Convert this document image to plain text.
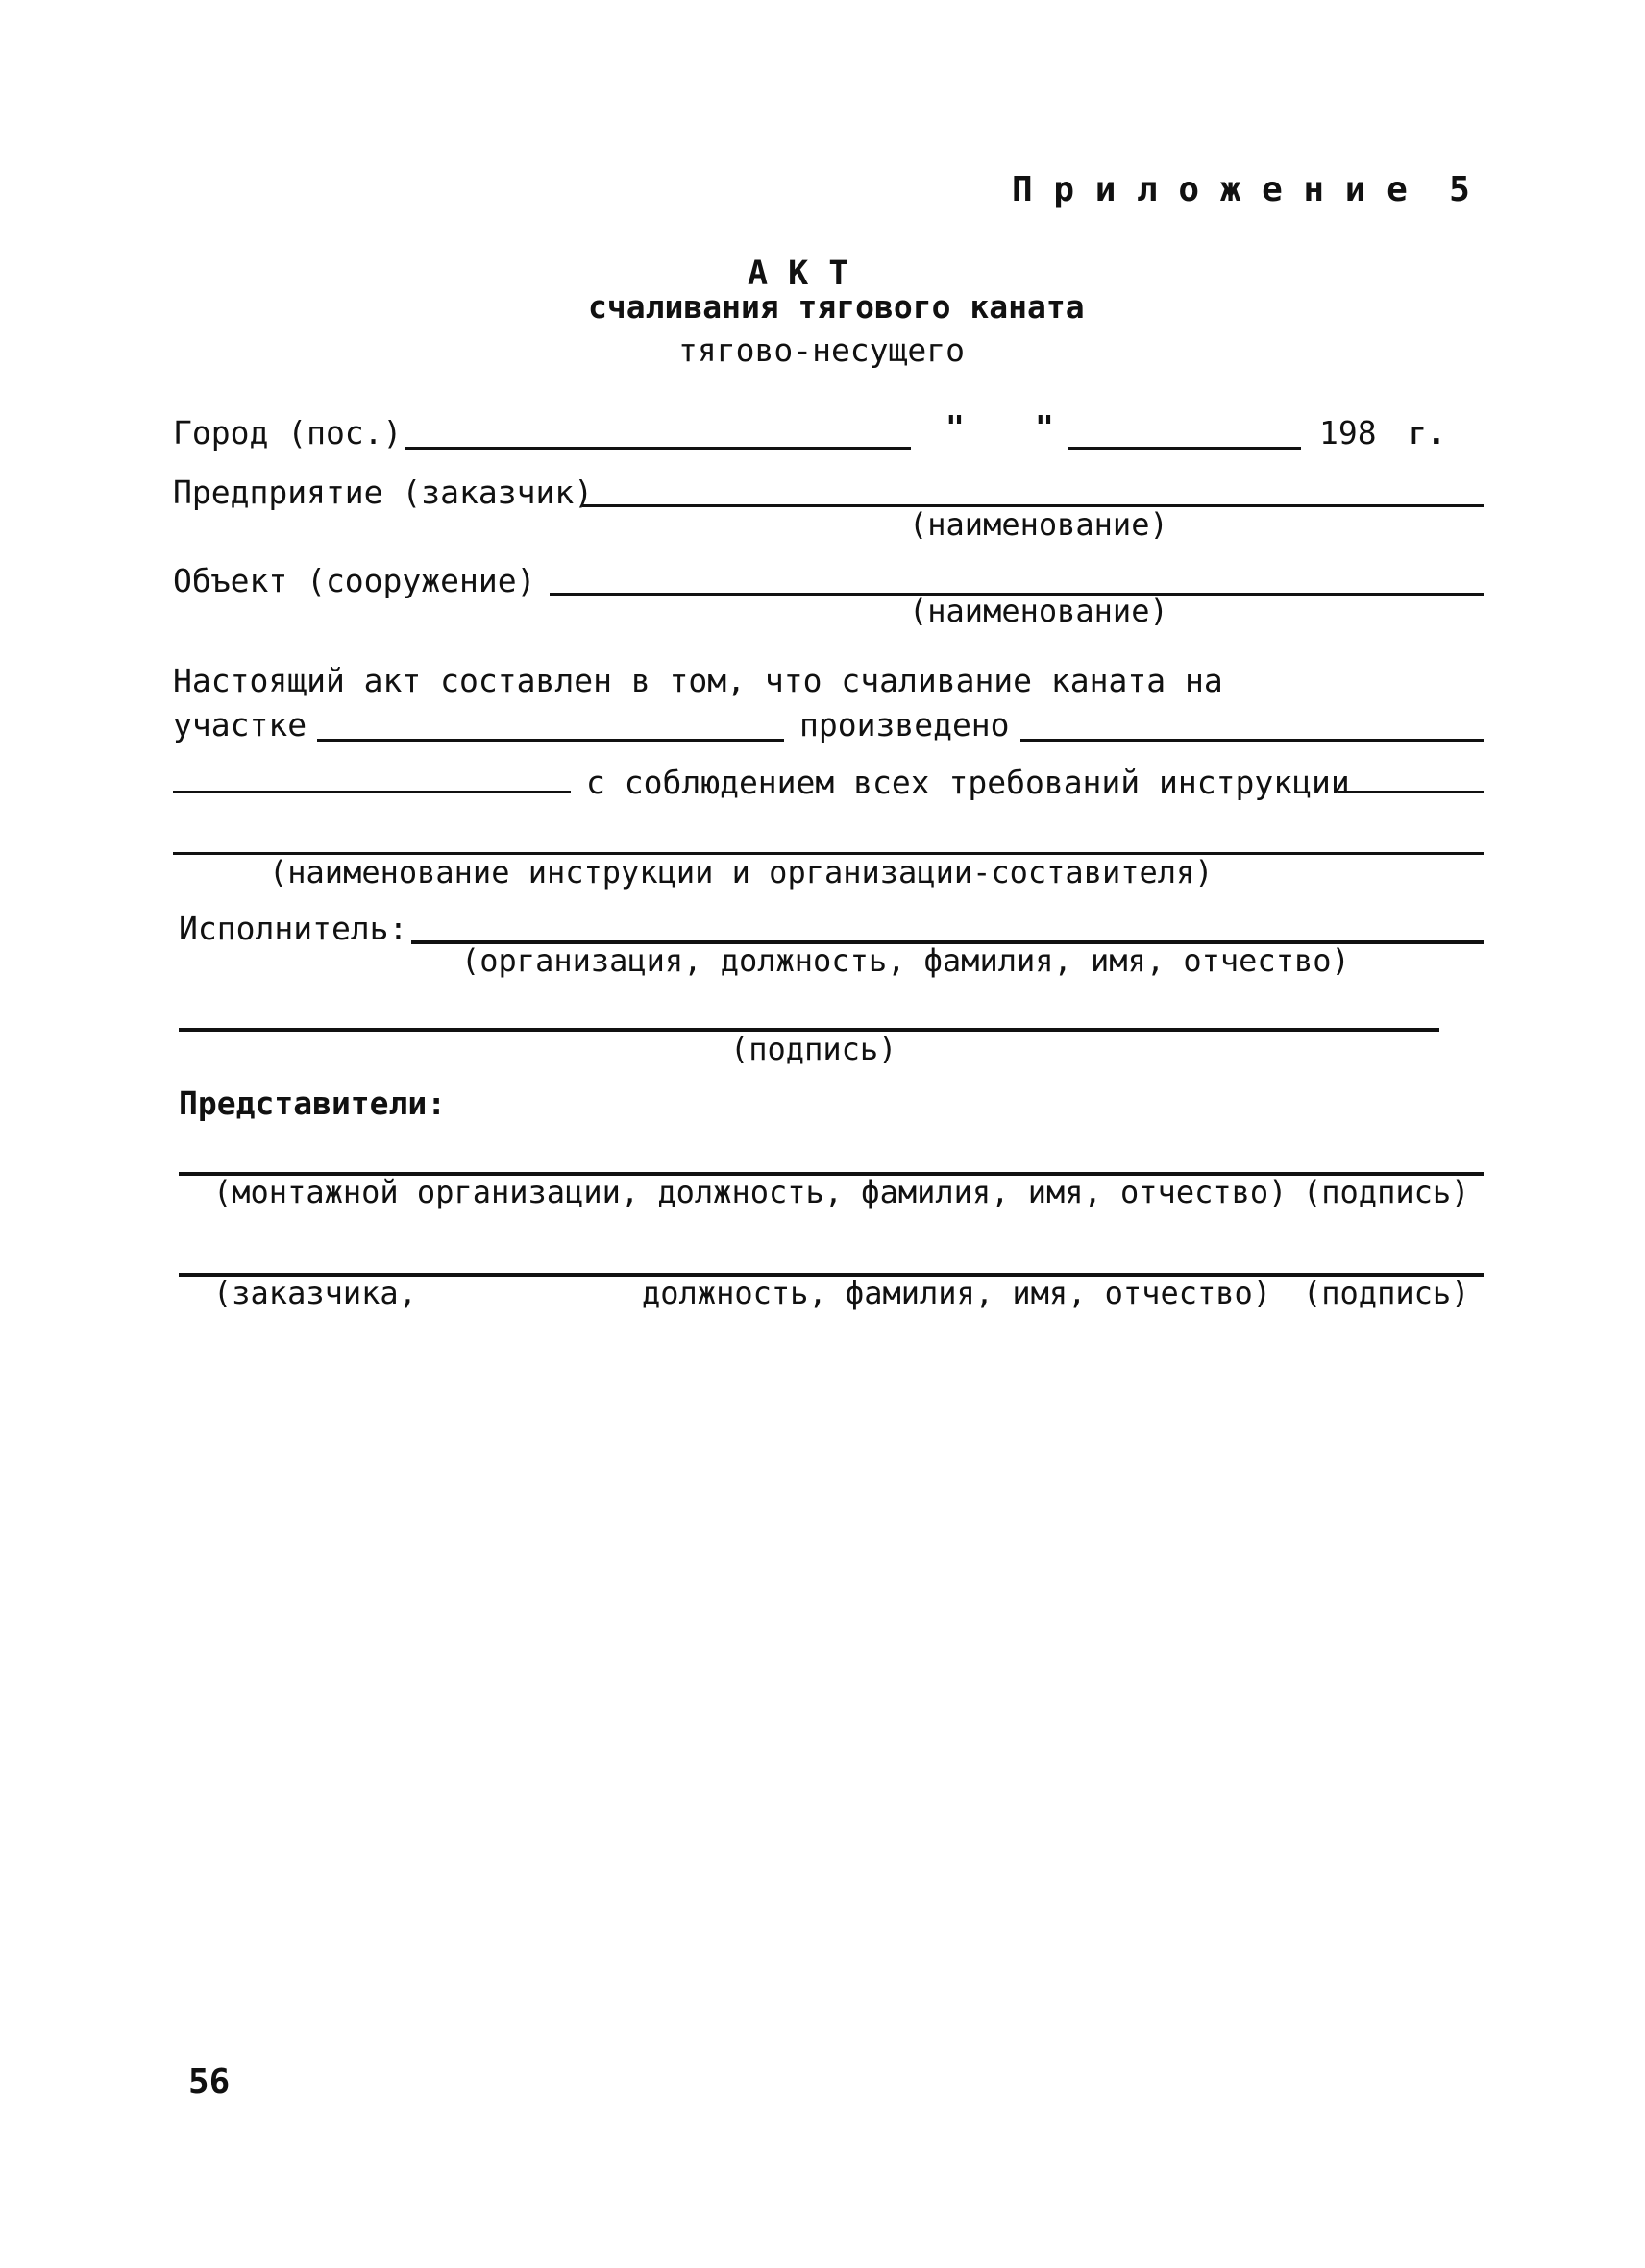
П р и л о ж е н и е  5
А К Т
счаливания тягового каната
тягово-несущего
Город (пос.)	" "	198 г.
Предприятие (заказчик)
(наименование)
Объект (сооружение)
(наименование)
Настоящий акт составлен в том, что счаливание каната на
участке	произведено
с соблюдением всех требований инструкции
(наименование инструкции и организации-составителя)
Исполнитель:
(организация, должность, фамилия, имя, отчество)
(подпись)
Представители:
(монтажной организации, должность, фамилия, имя, отчество) (подпись)
(заказчика,	должность, фамилия, имя, отчество) (подпись)
56
